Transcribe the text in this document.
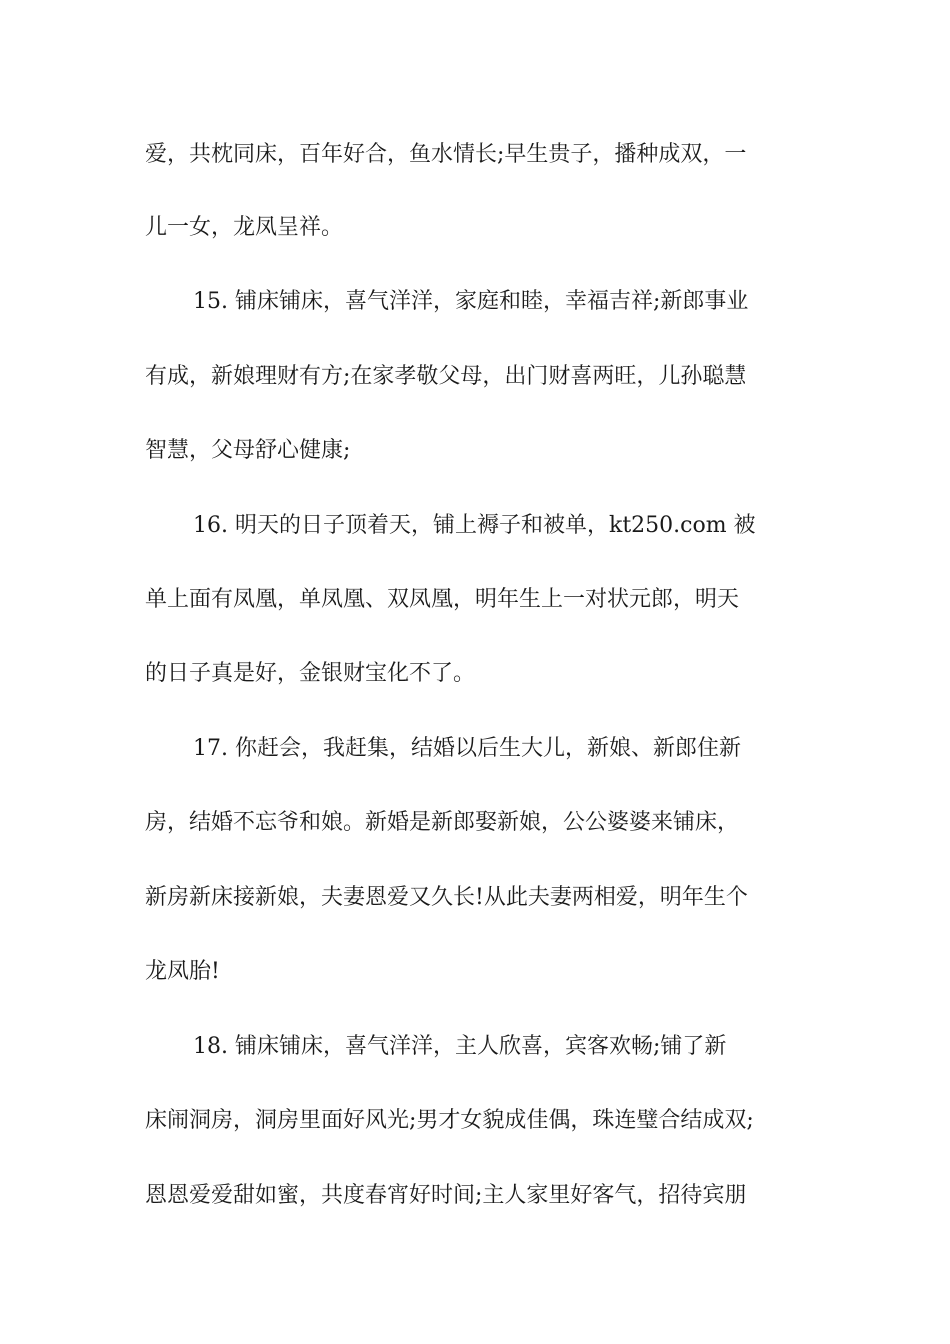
爱，共枕同床，百年好合，鱼水情长;早生贵子，播种成双，一
儿一女，龙凤呈祥。
15. 铺床铺床，喜气洋洋，家庭和睦，幸福吉祥;新郎事业
有成，新娘理财有方;在家孝敬父母，出门财喜两旺，儿孙聪慧
智慧，父母舒心健康;
16. 明天的日子顶着天，铺上褥子和被单，kt250.com 被
单上面有凤凰，单凤凰、双凤凰，明年生上一对状元郎，明天
的日子真是好，金银财宝化不了。
17. 你赶会，我赶集，结婚以后生大儿，新娘、新郎住新
房，结婚不忘爷和娘。新婚是新郎娶新娘，公公婆婆来铺床，
新房新床接新娘，夫妻恩爱又久长!从此夫妻两相爱，明年生个
龙凤胎!
18. 铺床铺床，喜气洋洋，主人欣喜，宾客欢畅;铺了新
床闹洞房，洞房里面好风光;男才女貌成佳偶，珠连璧合结成双;
恩恩爱爱甜如蜜，共度春宵好时间;主人家里好客气，招待宾朋
